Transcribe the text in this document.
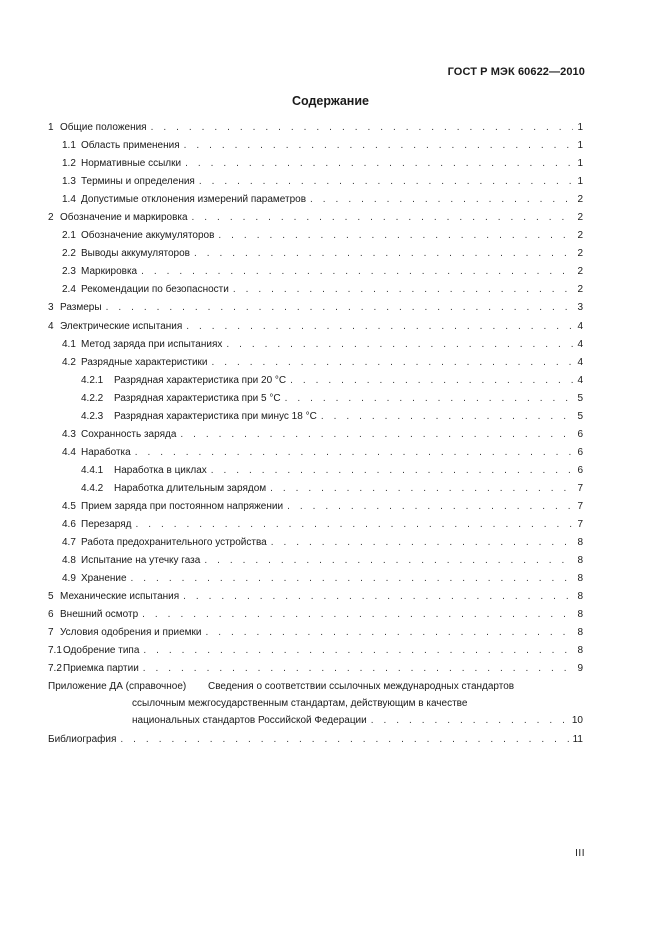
ГОСТ Р МЭК 60622—2010
Содержание
1 Общие положения . . .	1
1.1 Область применения . . .	1
1.2 Нормативные ссылки . . .	1
1.3 Термины и определения . . .	1
1.4 Допустимые отклонения измерений параметров . . .	2
2 Обозначение и маркировка . . .	2
2.1 Обозначение аккумуляторов . . .	2
2.2 Выводы аккумуляторов . . .	2
2.3 Маркировка . . .	2
2.4 Рекомендации по безопасности . . .	2
3 Размеры . . .	3
4 Электрические испытания . . .	4
4.1 Метод заряда при испытаниях . . .	4
4.2 Разрядные характеристики . . .	4
4.2.1	Разрядная характеристика при 20 °С . . .	4
4.2.2	Разрядная характеристика при 5 °С . . .	5
4.2.3	Разрядная характеристика при минус 18 °С . . .	5
4.3 Сохранность заряда . . .	6
4.4 Наработка . . .	6
4.4.1	Наработка в циклах . . .	6
4.4.2	Наработка длительным зарядом . . .	7
4.5 Прием заряда при постоянном напряжении . . .	7
4.6 Перезаряд . . .	7
4.7 Работа предохранительного устройства . . .	8
4.8 Испытание на утечку газа . . .	8
4.9 Хранение . . .	8
5 Механические испытания . . .	8
6 Внешний осмотр . . .	8
7 Условия одобрения и приемки . . .	8
7.1 Одобрение типа . . .	8
7.2 Приемка партии . . .	9
Приложение ДА (справочное)	Сведения о соответствии ссылочных международных стандартов
ссылочным межгосударственным стандартам, действующим в качестве
национальных стандартов Российской Федерации . . .	10
Библиография . . .	11
III
